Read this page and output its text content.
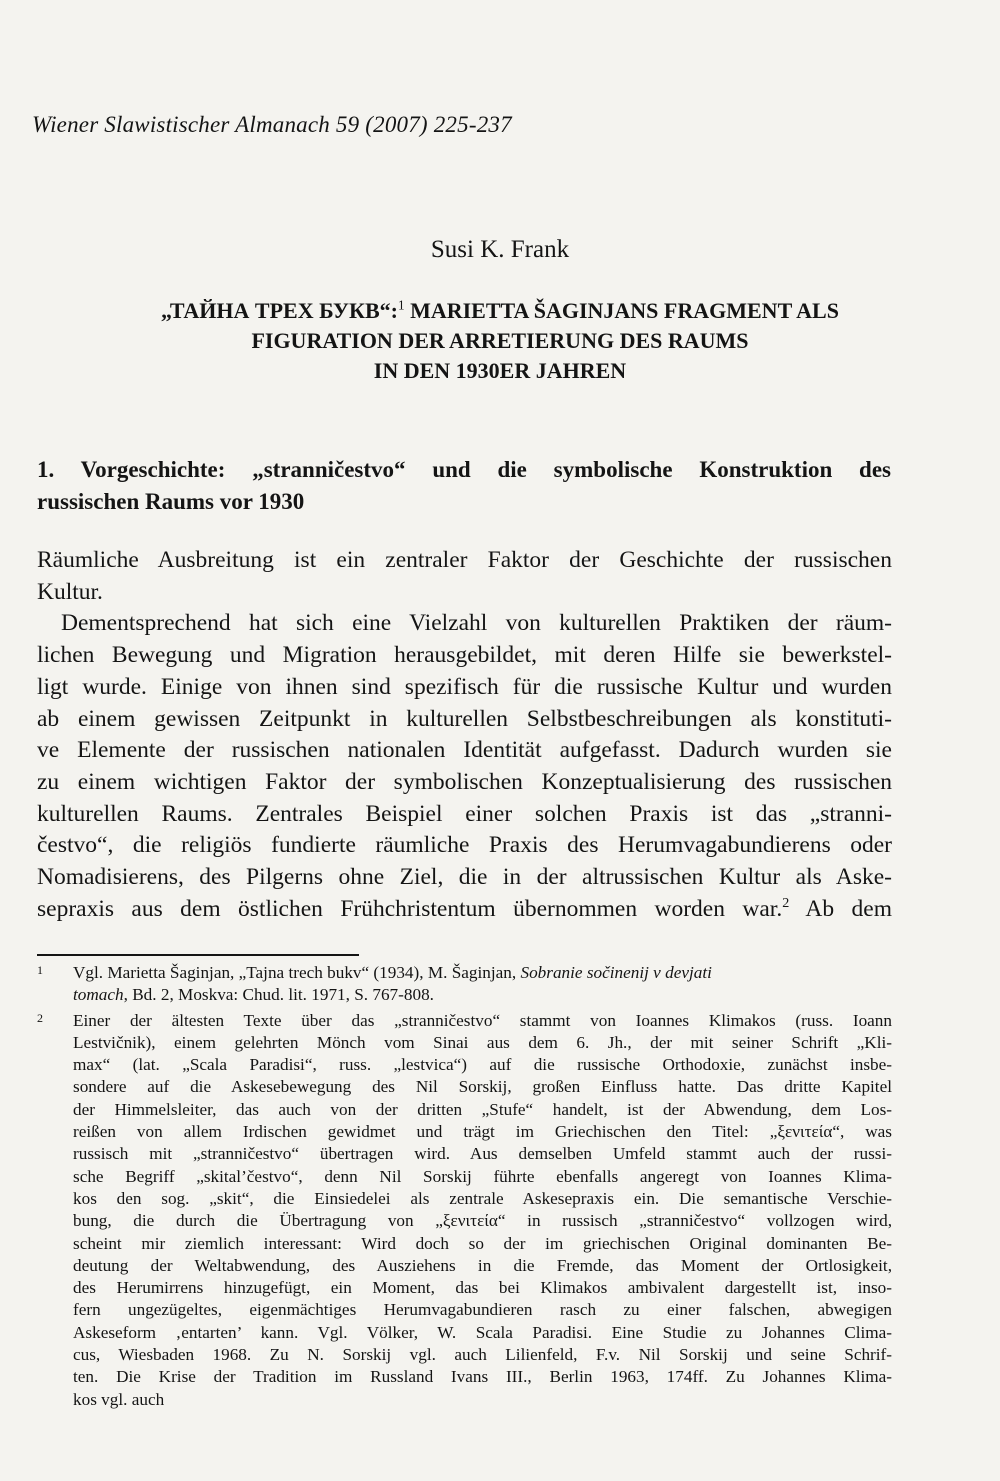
Wiener Slawistischer Almanach 59 (2007) 225-237
Susi K. Frank
„ТАЙНА ТРЕХ БУКВ“:$^1$ MARIETTA ŠAGINJANS FRAGMENT ALS
FIGURATION DER ARRETIERUNG DES RAUMS
IN DEN 1930ER JAHREN
1. Vorgeschichte: „stranničestvo“ und die symbolische Konstruktion des
russischen Raums vor 1930
Räumliche Ausbreitung ist ein zentraler Faktor der Geschichte der russischen
Kultur.
Dementsprechend hat sich eine Vielzahl von kulturellen Praktiken der räum-
lichen Bewegung und Migration herausgebildet, mit deren Hilfe sie bewerkstel-
ligt wurde. Einige von ihnen sind spezifisch für die russische Kultur und wurden
ab einem gewissen Zeitpunkt in kulturellen Selbstbeschreibungen als konstituti-
ve Elemente der russischen nationalen Identität aufgefasst. Dadurch wurden sie
zu einem wichtigen Faktor der symbolischen Konzeptualisierung des russischen
kulturellen Raums. Zentrales Beispiel einer solchen Praxis ist das „stranni-
čestvo“, die religiös fundierte räumliche Praxis des Herumvagabundierens oder
Nomadisierens, des Pilgerns ohne Ziel, die in der altrussischen Kultur als Aske-
sepraxis aus dem östlichen Frühchristentum übernommen worden war.$^2$ Ab dem
1 Vgl. Marietta Šaginjan, „Tajna trech bukv“ (1934), M. Šaginjan, Sobranie sočinenij v devjati
tomach, Bd. 2, Moskva: Chud. lit. 1971, S. 767-808.
2 Einer der ältesten Texte über das „stranničestvo“ stammt von Ioannes Klimakos (russ. Ioann
Lestvičnik), einem gelehrten Mönch vom Sinai aus dem 6. Jh., der mit seiner Schrift „Kli-
max“ (lat. „Scala Paradisi“, russ. „lestvica“) auf die russische Orthodoxie, zunächst insbe-
sondere auf die Askesebewegung des Nil Sorskij, großen Einfluss hatte. Das dritte Kapitel
der Himmelsleiter, das auch von der dritten „Stufe“ handelt, ist der Abwendung, dem Los-
reißen von allem Irdischen gewidmet und trägt im Griechischen den Titel: „ξενιτεία“, was
russisch mit „stranničestvo“ übertragen wird. Aus demselben Umfeld stammt auch der russi-
sche Begriff „skital’čestvo“, denn Nil Sorskij führte ebenfalls angeregt von Ioannes Klima-
kos den sog. „skit“, die Einsiedelei als zentrale Askesepraxis ein. Die semantische Verschie-
bung, die durch die Übertragung von „ξενιτεία“ in russisch „stranničestvo“ vollzogen wird,
scheint mir ziemlich interessant: Wird doch so der im griechischen Original dominanten Be-
deutung der Weltabwendung, des Ausziehens in die Fremde, das Moment der Ortlosigkeit,
des Herumirrens hinzugefügt, ein Moment, das bei Klimakos ambivalent dargestellt ist, inso-
fern ungezügeltes, eigenmächtiges Herumvagabundieren rasch zu einer falschen, abwegigen
Askeseform ‚entarten’ kann. Vgl. Völker, W. Scala Paradisi. Eine Studie zu Johannes Clima-
cus, Wiesbaden 1968. Zu N. Sorskij vgl. auch Lilienfeld, F.v. Nil Sorskij und seine Schrif-
ten. Die Krise der Tradition im Russland Ivans III., Berlin 1963, 174ff. Zu Johannes Klima-
kos vgl. auch
